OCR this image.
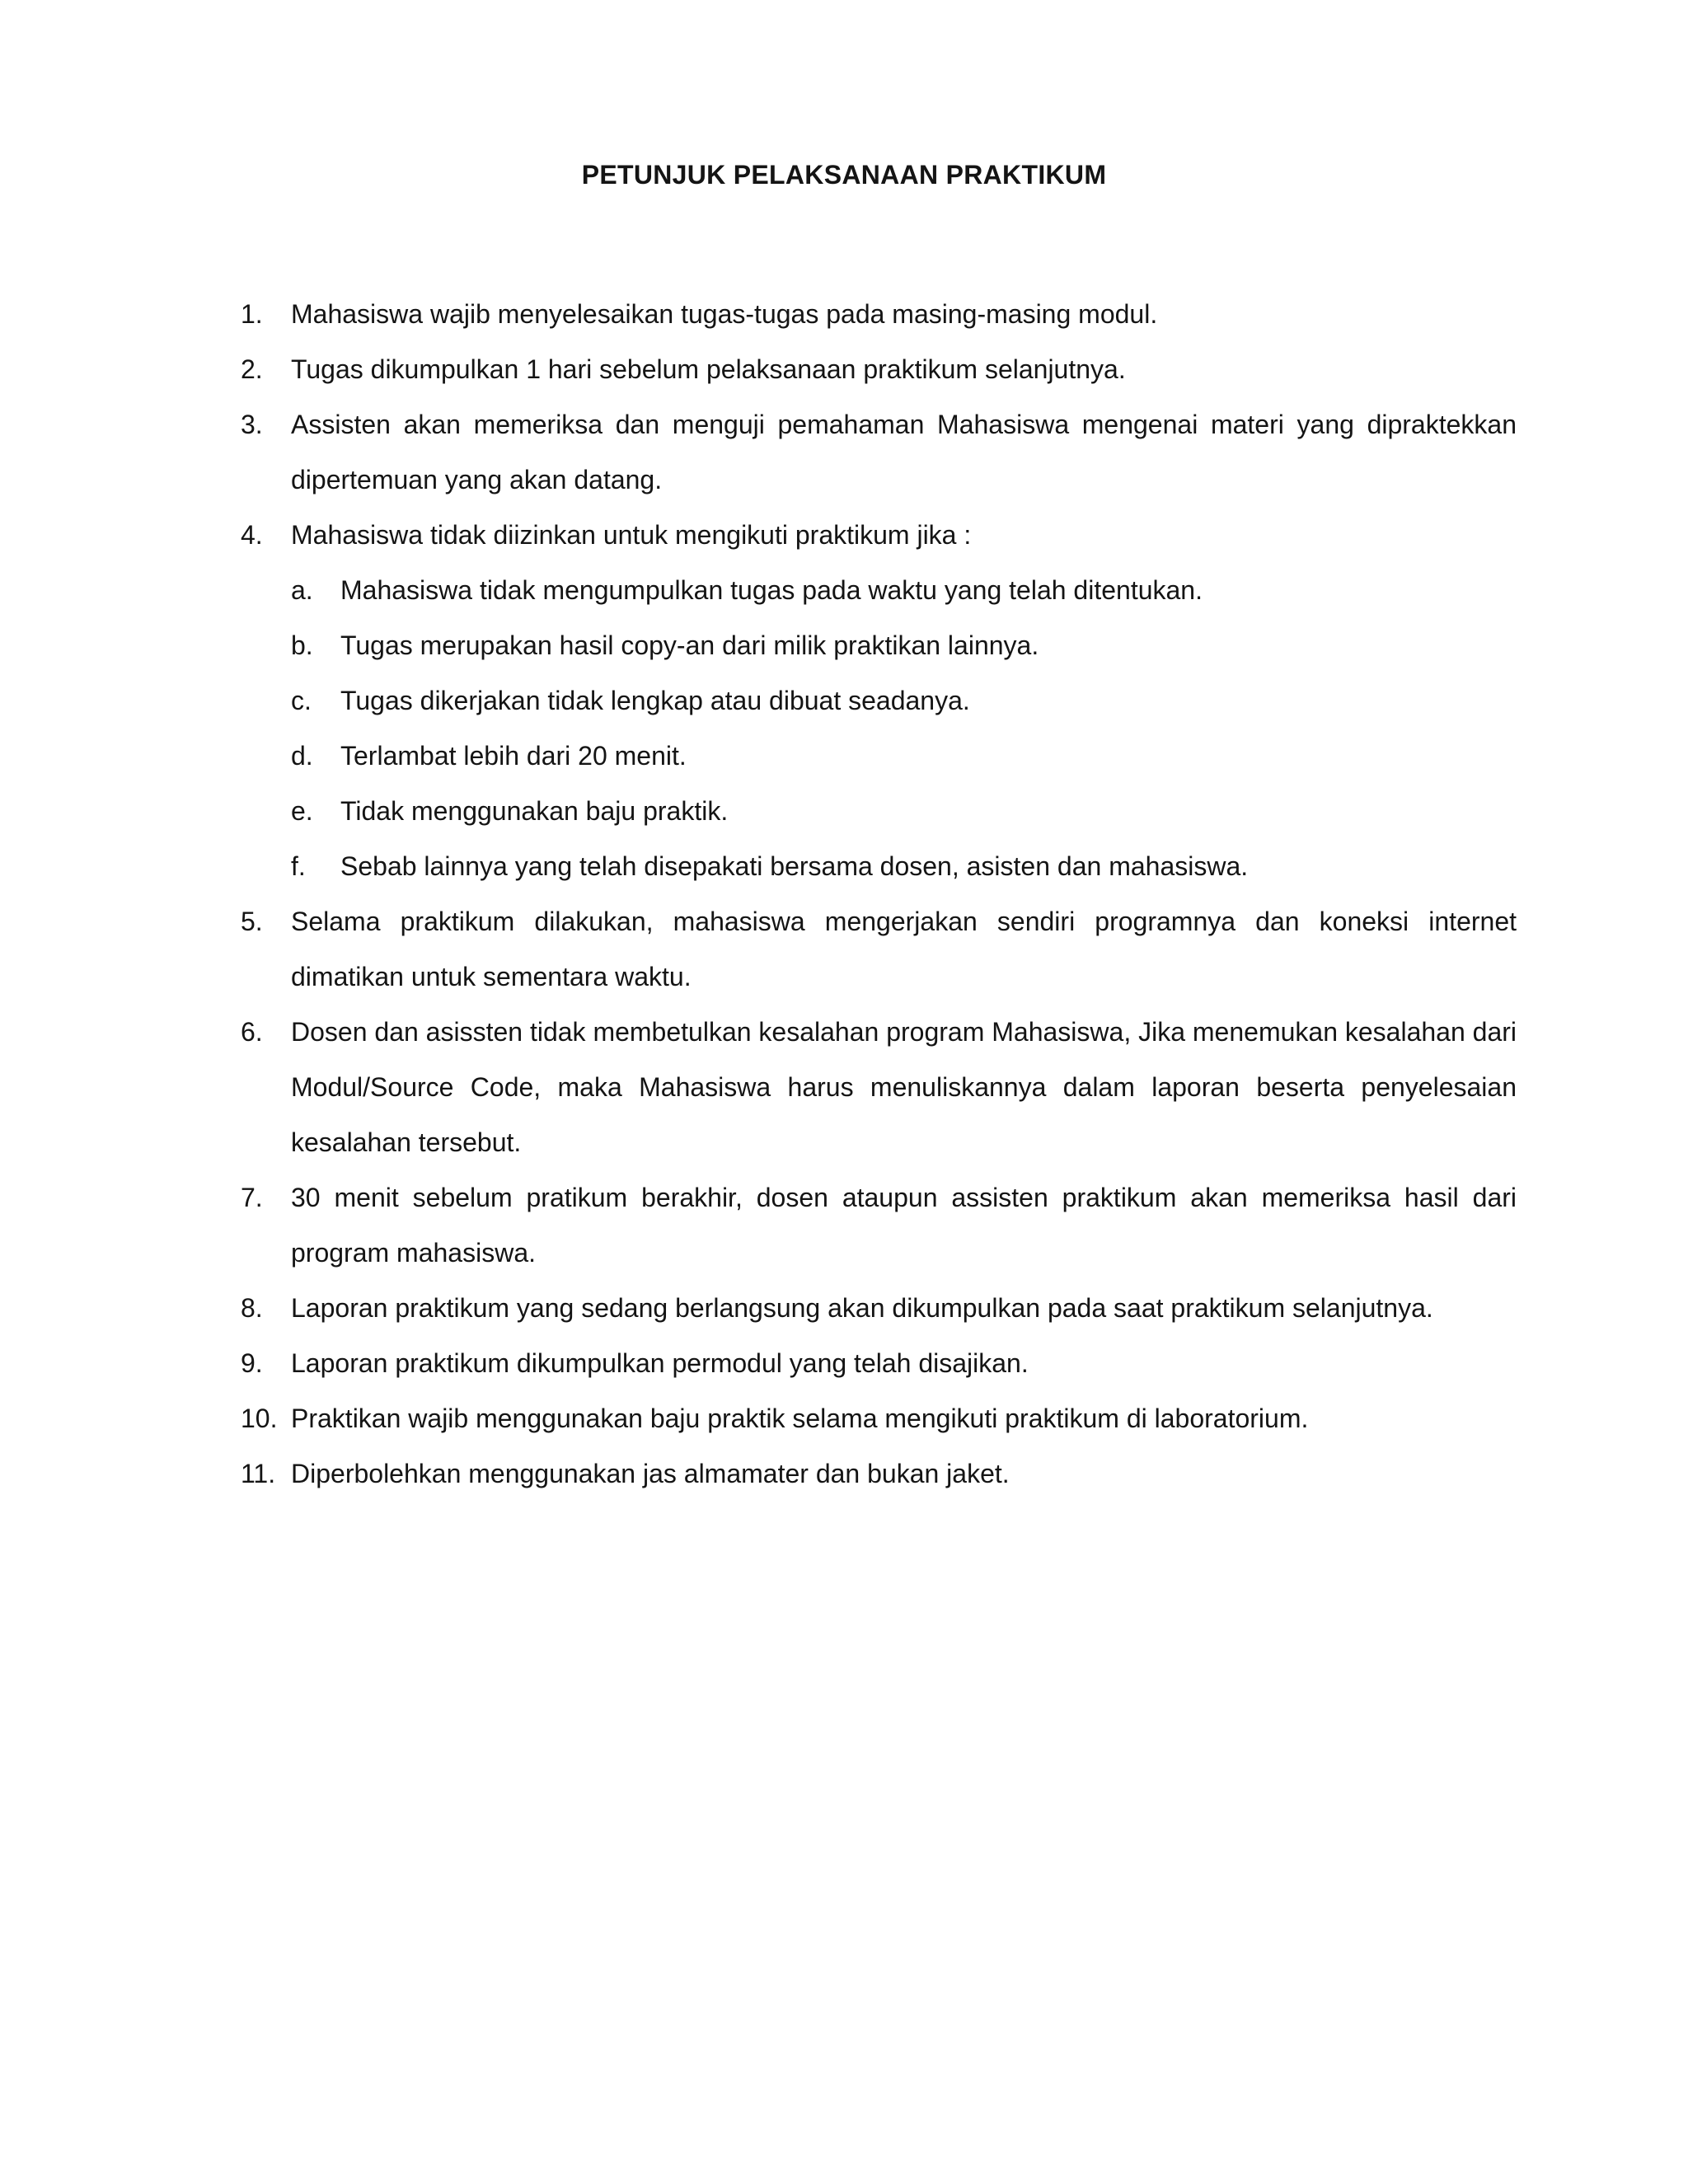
PETUNJUK PELAKSANAAN PRAKTIKUM
1. Mahasiswa wajib menyelesaikan tugas-tugas pada masing-masing modul.
2. Tugas dikumpulkan 1 hari sebelum pelaksanaan praktikum selanjutnya.
3. Assisten akan memeriksa dan menguji pemahaman Mahasiswa mengenai materi yang dipraktekkan dipertemuan yang akan datang.
4. Mahasiswa tidak diizinkan untuk mengikuti praktikum jika :
a. Mahasiswa tidak mengumpulkan tugas pada waktu yang telah ditentukan.
b. Tugas merupakan hasil copy-an dari milik praktikan lainnya.
c. Tugas dikerjakan tidak lengkap atau dibuat seadanya.
d. Terlambat lebih dari 20 menit.
e. Tidak menggunakan baju praktik.
f. Sebab lainnya yang telah disepakati bersama dosen, asisten dan mahasiswa.
5. Selama praktikum dilakukan, mahasiswa mengerjakan sendiri programnya dan koneksi internet dimatikan untuk sementara waktu.
6. Dosen dan asissten tidak membetulkan kesalahan program Mahasiswa, Jika menemukan kesalahan dari Modul/Source Code, maka Mahasiswa harus menuliskannya dalam laporan beserta penyelesaian kesalahan tersebut.
7. 30 menit sebelum pratikum berakhir, dosen ataupun assisten praktikum akan memeriksa hasil dari program mahasiswa.
8. Laporan praktikum yang sedang berlangsung akan dikumpulkan pada saat praktikum selanjutnya.
9. Laporan praktikum dikumpulkan permodul yang telah disajikan.
10. Praktikan wajib menggunakan baju praktik selama mengikuti praktikum di laboratorium.
11. Diperbolehkan menggunakan jas almamater dan bukan jaket.
